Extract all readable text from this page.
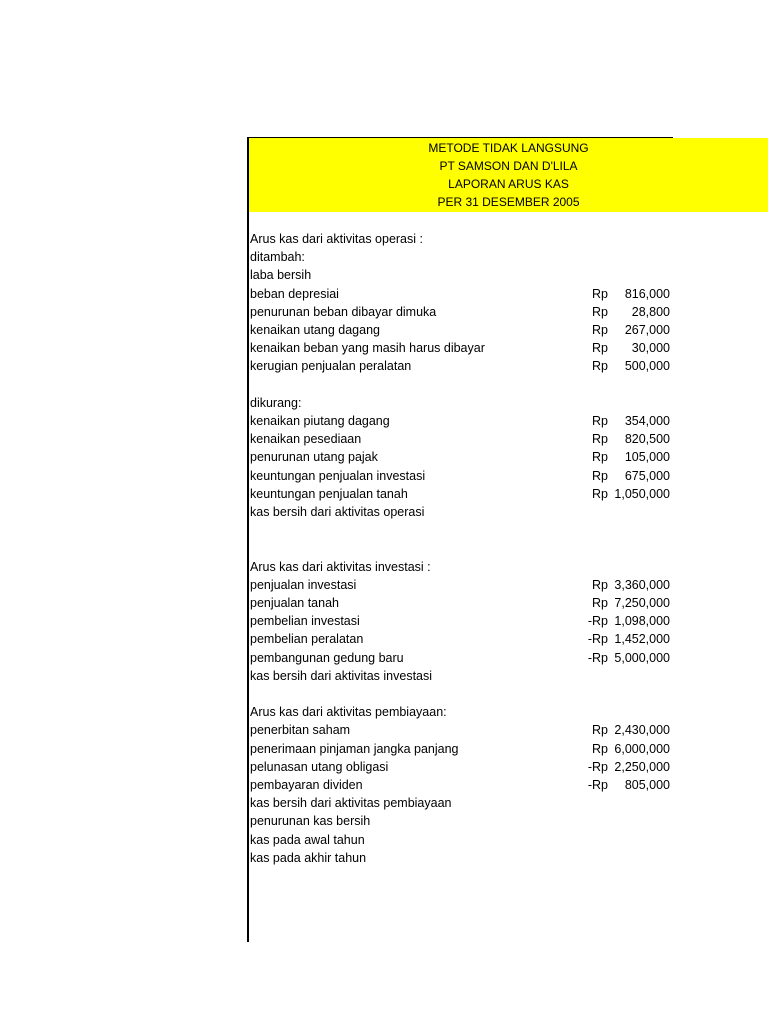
METODE TIDAK LANGSUNG
PT SAMSON DAN D'LILA
LAPORAN ARUS KAS
PER 31 DESEMBER 2005
Arus kas dari aktivitas operasi :
ditambah:
laba bersih
beban depresiai	Rp 816,000
penurunan beban dibayar dimuka	Rp 28,800
kenaikan utang dagang	Rp 267,000
kenaikan beban yang masih harus dibayar	Rp 30,000
kerugian penjualan peralatan	Rp 500,000
dikurang:
kenaikan piutang dagang	Rp 354,000
kenaikan pesediaan	Rp 820,500
penurunan utang pajak	Rp 105,000
keuntungan penjualan investasi	Rp 675,000
keuntungan penjualan tanah	Rp 1,050,000
kas bersih dari aktivitas operasi
Arus kas dari aktivitas investasi :
penjualan investasi	Rp 3,360,000
penjualan tanah	Rp 7,250,000
pembelian investasi	-Rp 1,098,000
pembelian peralatan	-Rp 1,452,000
pembangunan gedung baru	-Rp 5,000,000
kas bersih dari aktivitas investasi
Arus kas dari aktivitas pembiayaan:
penerbitan saham	Rp 2,430,000
penerimaan pinjaman jangka panjang	Rp 6,000,000
pelunasan utang obligasi	-Rp 2,250,000
pembayaran dividen	-Rp 805,000
kas bersih dari aktivitas pembiayaan
penurunan kas bersih
kas pada awal tahun
kas pada akhir tahun
